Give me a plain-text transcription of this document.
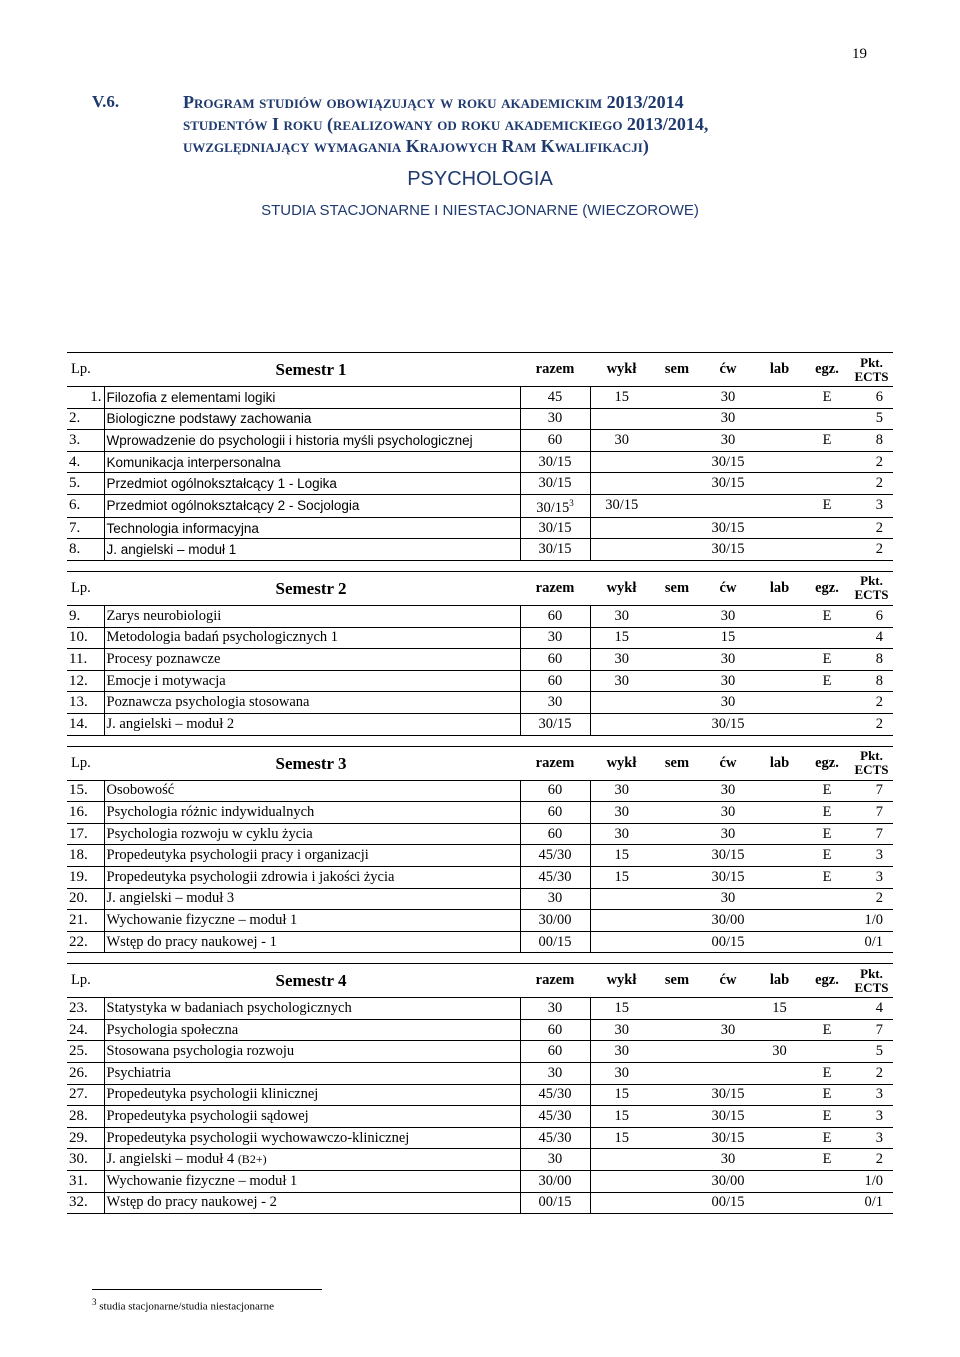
19
V.6.	Program studiów obowiązujący w roku akademickim 2013/2014
studentów I roku (realizowany od roku akademickiego 2013/2014,
uwzględniający wymagania Krajowych Ram Kwalifikacji)
PSYCHOLOGIA
STUDIA STACJONARNE I NIESTACJONARNE (WIECZOROWE)
Lp.	Semestr 1	razem	wykł	sem	ćw	lab	egz.	Pkt.
ECTS

1.	Filozofia z elementami logiki	45	15		30		E	6
2.	Biologiczne podstawy zachowania	30			30			5
3.	Wprowadzenie do psychologii i historia myśli psychologicznej	60	30		30		E	8
4.	Komunikacja interpersonalna	30/15			30/15			2
5.	Przedmiot ogólnokształcący 1 - Logika	30/15			30/15			2
6.	Przedmiot ogólnokształcący 2 - Socjologia	$30/15^3$	30/15				E	3
7.	Technologia informacyjna	30/15			30/15			2
8.	J. angielski – moduł 1	30/15			30/15			2

Lp.	Semestr 2	razem	wykł	sem	ćw	lab	egz.	Pkt.
ECTS

9.	Zarys neurobiologii	60	30		30		E	6
10.	Metodologia badań psychologicznych 1	30	15		15			4
11.	Procesy poznawcze	60	30		30		E	8
12.	Emocje i motywacja	60	30		30		E	8
13.	Poznawcza psychologia stosowana	30			30			2
14.	J. angielski – moduł 2	30/15			30/15			2

Lp.	Semestr 3	razem	wykł	sem	ćw	lab	egz.	Pkt.
ECTS

15.	Osobowość	60	30		30		E	7
16.	Psychologia różnic indywidualnych	60	30		30		E	7
17.	Psychologia rozwoju w cyklu życia	60	30		30		E	7
18.	Propedeutyka psychologii pracy i organizacji	45/30	15		30/15		E	3
19.	Propedeutyka psychologii zdrowia i jakości życia	45/30	15		30/15		E	3
20.	J. angielski – moduł 3	30			30			2
21.	Wychowanie fizyczne – moduł 1	30/00			30/00			1/0
22.	Wstęp do pracy naukowej - 1	00/15			00/15			0/1

Lp.	Semestr 4	razem	wykł	sem	ćw	lab	egz.	Pkt.
ECTS

23.	Statystyka w badaniach psychologicznych	30	15			15		4
24.	Psychologia społeczna	60	30		30		E	7
25.	Stosowana psychologia rozwoju	60	30			30		5
26.	Psychiatria	30	30				E	2
27.	Propedeutyka psychologii klinicznej	45/30	15		30/15		E	3
28.	Propedeutyka psychologii sądowej	45/30	15		30/15		E	3
29.	Propedeutyka psychologii wychowawczo-klinicznej	45/30	15		30/15		E	3
30.	J. angielski – moduł 4 (B2+)	30			30		E	2
31.	Wychowanie fizyczne – moduł 1	30/00			30/00			1/0
32.	Wstęp do pracy naukowej - 2	00/15			00/15			0/1
$^3$ studia stacjonarne/studia niestacjonarne
